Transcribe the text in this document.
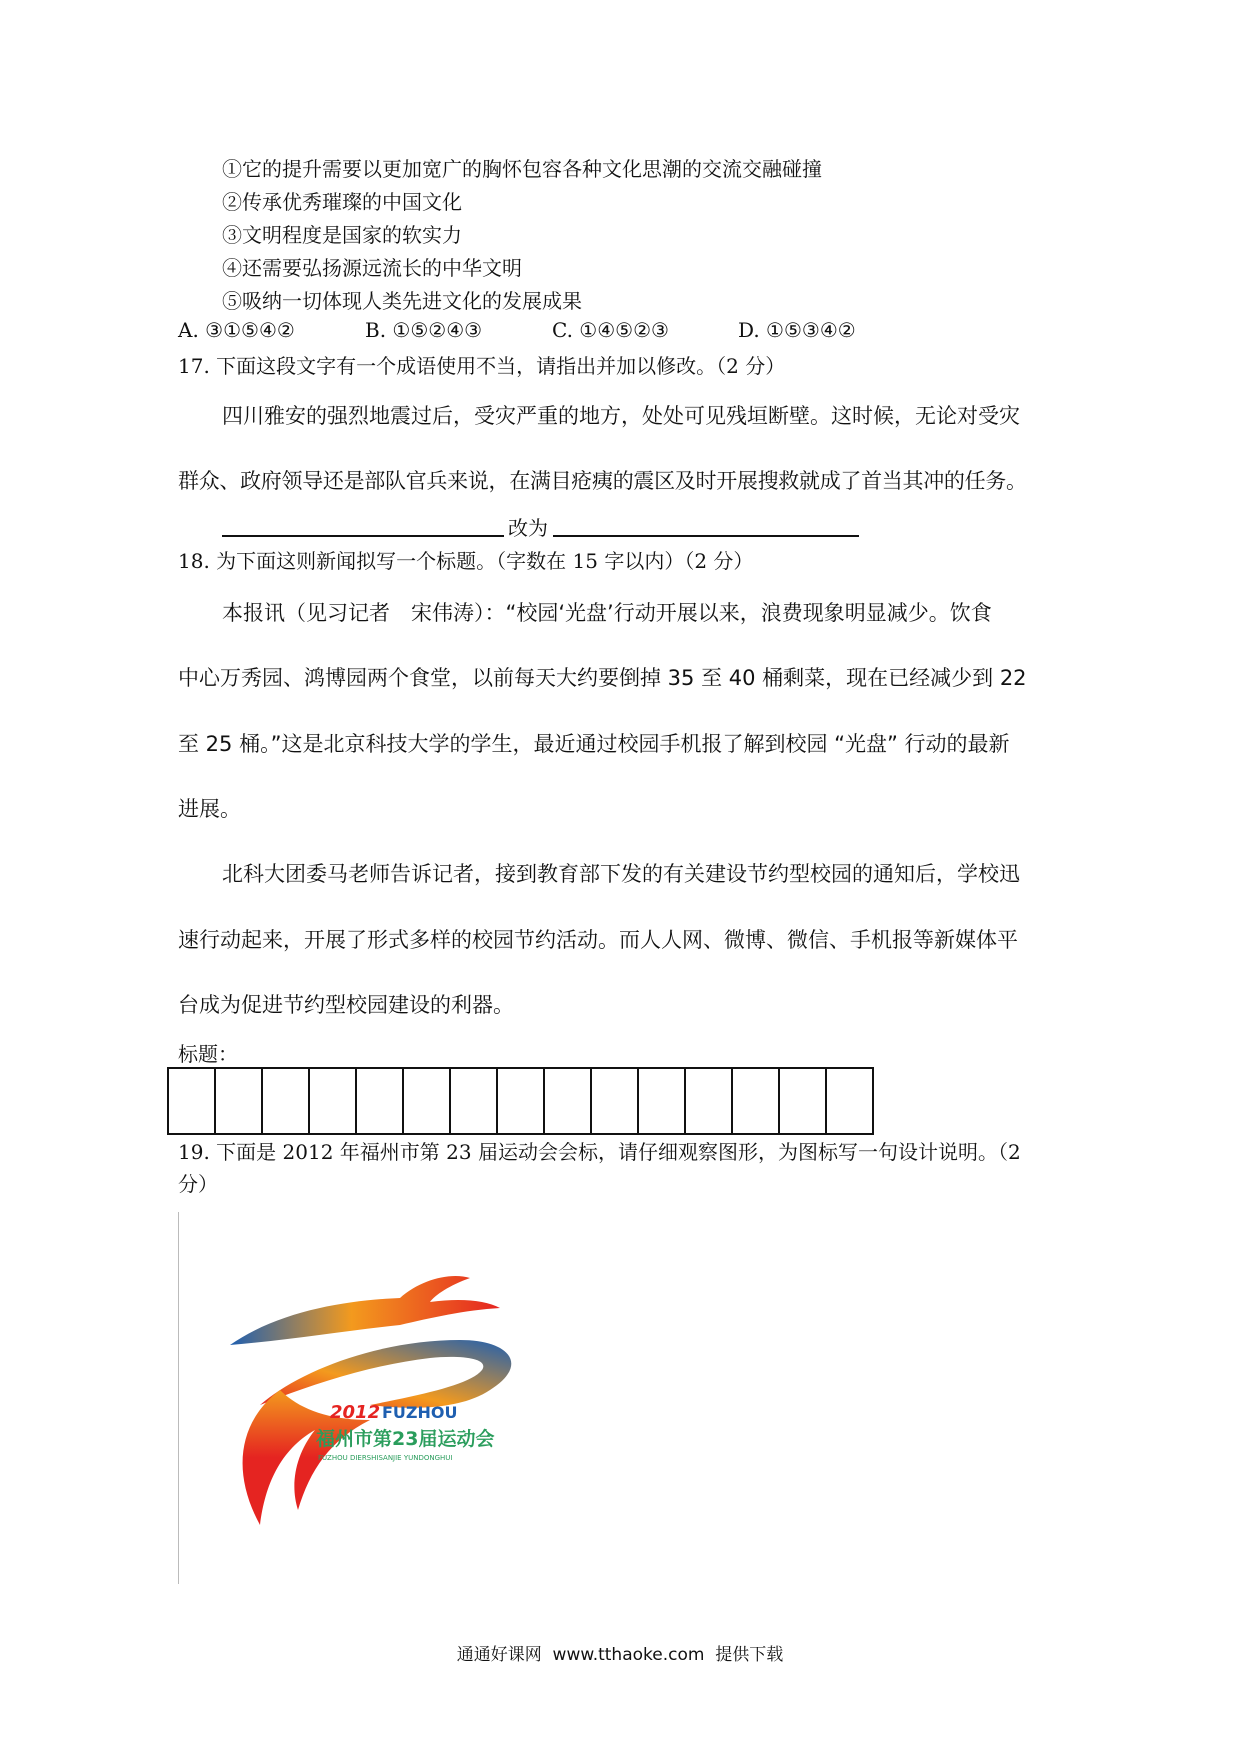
①它的提升需要以更加宽广的胸怀包容各种文化思潮的交流交融碰撞
②传承优秀璀璨的中国文化
③文明程度是国家的软实力
④还需要弘扬源远流长的中华文明
⑤吸纳一切体现人类先进文化的发展成果
A. ③①⑤④②	B. ①⑤②④③	C. ①④⑤②③	D. ①⑤③④②
17. 下面这段文字有一个成语使用不当，请指出并加以修改。（2 分）
四川雅安的强烈地震过后，受灾严重的地方，处处可见残垣断壁。这时候，无论对受灾
群众、政府领导还是部队官兵来说，在满目疮痍的震区及时开展搜救就成了首当其冲的任务。
改为
18. 为下面这则新闻拟写一个标题。（字数在 15 字以内）（2 分）
本报讯（见习记者　宋伟涛）：“校园‘光盘’行动开展以来，浪费现象明显减少。饮食
中心万秀园、鸿博园两个食堂，以前每天大约要倒掉 35 至 40 桶剩菜，现在已经减少到 22
至 25 桶。”这是北京科技大学的学生，最近通过校园手机报了解到校园 “光盘” 行动的最新
进展。
北科大团委马老师告诉记者，接到教育部下发的有关建设节约型校园的通知后，学校迅
速行动起来，开展了形式多样的校园节约活动。而人人网、微博、微信、手机报等新媒体平
台成为促进节约型校园建设的利器。
标题：
19. 下面是 2012 年福州市第 23 届运动会会标，请仔细观察图形，为图标写一句设计说明。（2
分）
2012 FUZHOU
福州市第23届运动会
FUZHOU DIERSHISANJIE YUNDONGHUI
通通好课网  www.tthaoke.com  提供下载
